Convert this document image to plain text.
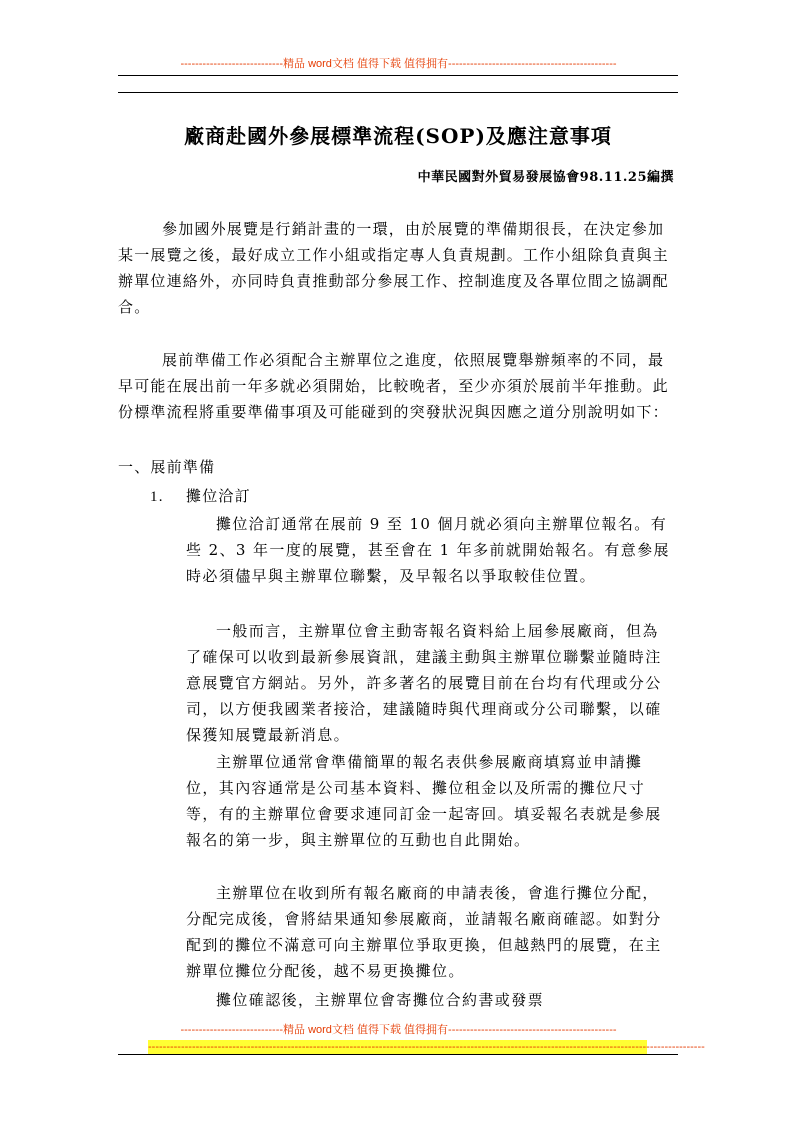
----------------------------精品 word文档 值得下载 值得拥有----------------------------------------------
廠商赴國外參展標準流程(SOP)及應注意事項
中華民國對外貿易發展協會98.11.25編撰
參加國外展覽是行銷計畫的一環，由於展覽的準備期很長，在決定參加某一展覽之後，最好成立工作小組或指定專人負責規劃。工作小組除負責與主辦單位連絡外，亦同時負責推動部分參展工作、控制進度及各單位間之協調配合。
展前準備工作必須配合主辦單位之進度，依照展覽舉辦頻率的不同，最早可能在展出前一年多就必須開始，比較晚者，至少亦須於展前半年推動。此份標準流程將重要準備事項及可能碰到的突發狀況與因應之道分別說明如下：
一、展前準備
1. 攤位洽訂
攤位洽訂通常在展前 9 至 10 個月就必須向主辦單位報名。有些 2、3 年一度的展覽，甚至會在 1 年多前就開始報名。有意參展時必須儘早與主辦單位聯繫，及早報名以爭取較佳位置。
一般而言，主辦單位會主動寄報名資料給上屆參展廠商，但為了確保可以收到最新參展資訊，建議主動與主辦單位聯繫並隨時注意展覽官方網站。另外，許多著名的展覽目前在台均有代理或分公司，以方便我國業者接洽，建議隨時與代理商或分公司聯繫，以確保獲知展覽最新消息。
主辦單位通常會準備簡單的報名表供參展廠商填寫並申請攤位，其內容通常是公司基本資料、攤位租金以及所需的攤位尺寸等，有的主辦單位會要求連同訂金一起寄回。填妥報名表就是參展報名的第一步，與主辦單位的互動也自此開始。
主辦單位在收到所有報名廠商的申請表後，會進行攤位分配，分配完成後，會將結果通知參展廠商，並請報名廠商確認。如對分配到的攤位不滿意可向主辦單位爭取更換，但越熱門的展覽，在主辦單位攤位分配後，越不易更換攤位。
攤位確認後，主辦單位會寄攤位合約書或發票
----------------------------精品 word文档 值得下载 值得拥有----------------------------------------------
--------------------------------------------------------------------------------------------------------------------------------------------------------
